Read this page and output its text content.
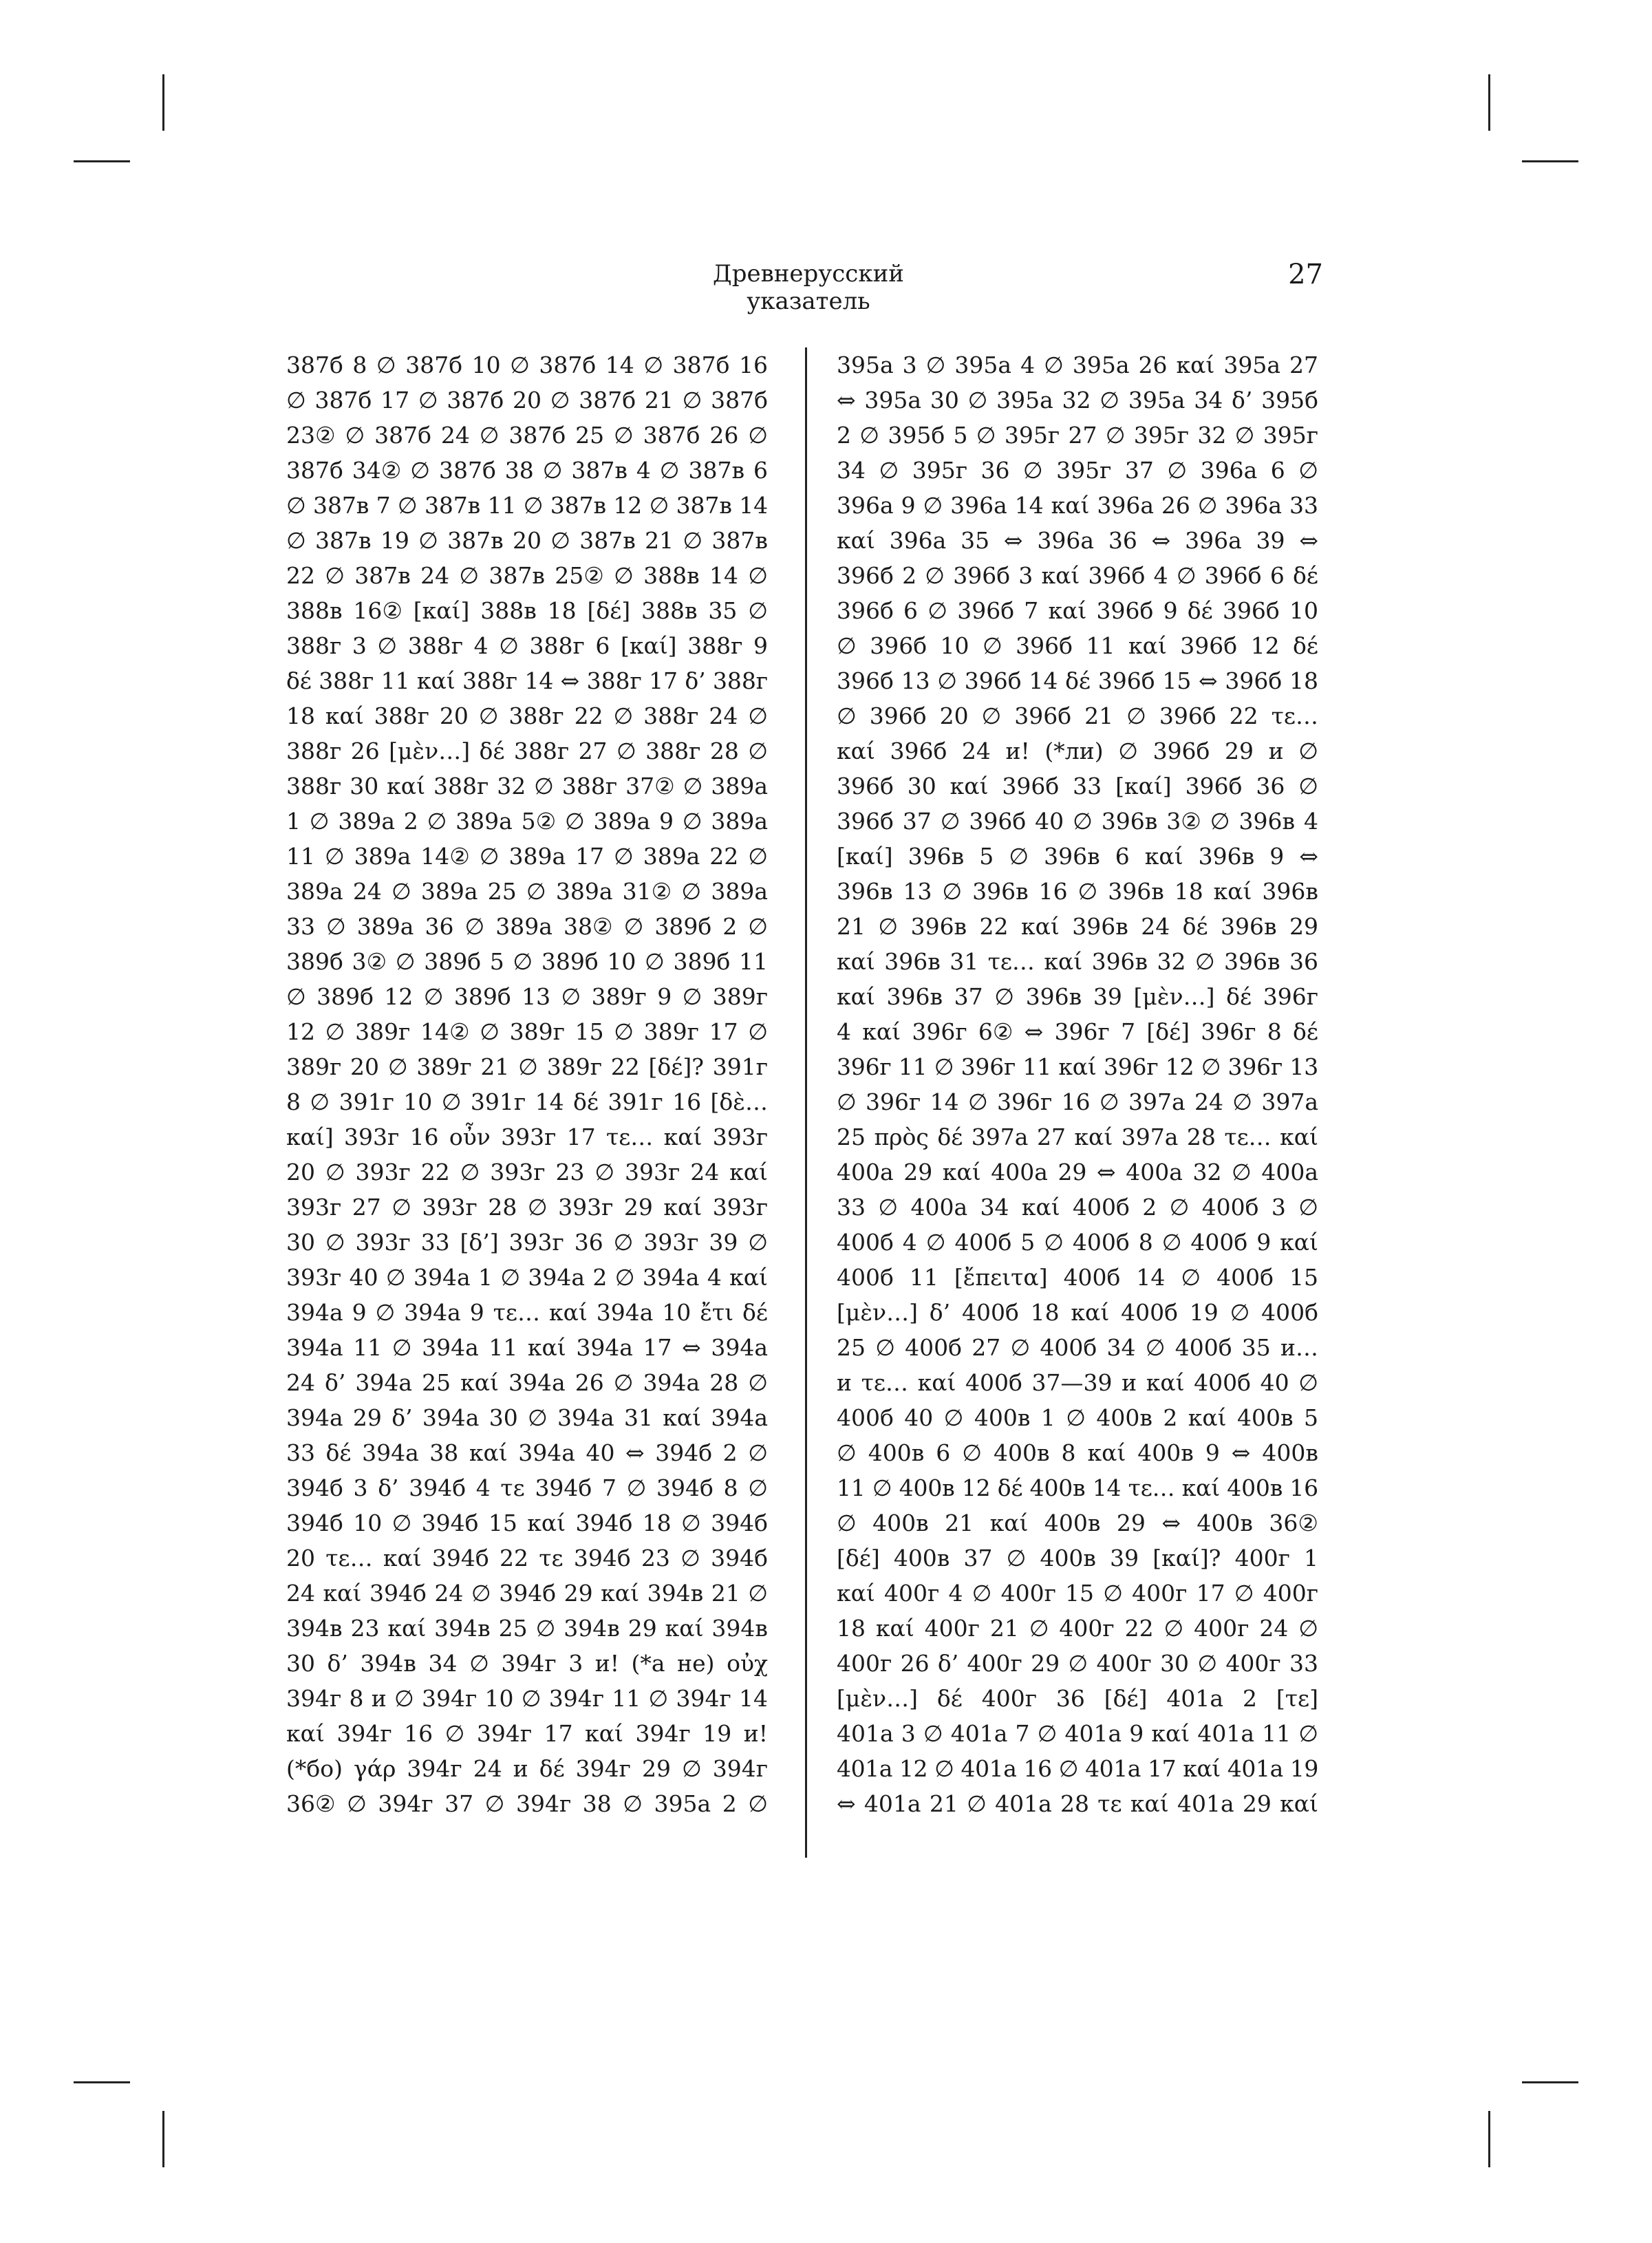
Древнерусский указатель
27
387б 8 ∅ 387б 10 ∅ 387б 14 ∅ 387б 16
∅ 387б 17 ∅ 387б 20 ∅ 387б 21 ∅ 387б
23② ∅ 387б 24 ∅ 387б 25 ∅ 387б 26 ∅
387б 34② ∅ 387б 38 ∅ 387в 4 ∅ 387в 6
∅ 387в 7 ∅ 387в 11 ∅ 387в 12 ∅ 387в 14
∅ 387в 19 ∅ 387в 20 ∅ 387в 21 ∅ 387в
22 ∅ 387в 24 ∅ 387в 25② ∅ 388в 14 ∅
388в 16② [καί] 388в 18 [δέ] 388в 35 ∅
388г 3 ∅ 388г 4 ∅ 388г 6 [καί] 388г 9
δέ 388г 11 καί 388г 14 ⇔ 388г 17 δ’ 388г
18 καί 388г 20 ∅ 388г 22 ∅ 388г 24 ∅
388г 26 [μὲν…] δέ 388г 27 ∅ 388г 28 ∅
388г 30 καί 388г 32 ∅ 388г 37② ∅ 389а
1 ∅ 389а 2 ∅ 389а 5② ∅ 389а 9 ∅ 389а
11 ∅ 389а 14② ∅ 389а 17 ∅ 389а 22 ∅
389а 24 ∅ 389а 25 ∅ 389а 31② ∅ 389а
33 ∅ 389а 36 ∅ 389а 38② ∅ 389б 2 ∅
389б 3② ∅ 389б 5 ∅ 389б 10 ∅ 389б 11
∅ 389б 12 ∅ 389б 13 ∅ 389г 9 ∅ 389г
12 ∅ 389г 14② ∅ 389г 15 ∅ 389г 17 ∅
389г 20 ∅ 389г 21 ∅ 389г 22 [δέ]? 391г
8 ∅ 391г 10 ∅ 391г 14 δέ 391г 16 [δὲ…
καί] 393г 16 οὖν 393г 17 τε… καί 393г
20 ∅ 393г 22 ∅ 393г 23 ∅ 393г 24 καί
393г 27 ∅ 393г 28 ∅ 393г 29 καί 393г
30 ∅ 393г 33 [δ’] 393г 36 ∅ 393г 39 ∅
393г 40 ∅ 394а 1 ∅ 394а 2 ∅ 394а 4 καί
394а 9 ∅ 394а 9 τε… καί 394а 10 ἔτι δέ
394а 11 ∅ 394а 11 καί 394а 17 ⇔ 394а
24 δ’ 394а 25 καί 394а 26 ∅ 394а 28 ∅
394а 29 δ’ 394а 30 ∅ 394а 31 καί 394а
33 δέ 394а 38 καί 394а 40 ⇔ 394б 2 ∅
394б 3 δ’ 394б 4 τε 394б 7 ∅ 394б 8 ∅
394б 10 ∅ 394б 15 καί 394б 18 ∅ 394б
20 τε… καί 394б 22 τε 394б 23 ∅ 394б
24 καί 394б 24 ∅ 394б 29 καί 394в 21 ∅
394в 23 καί 394в 25 ∅ 394в 29 καί 394в
30 δ’ 394в 34 ∅ 394г 3 и! (*а не) οὐχ
394г 8 и ∅ 394г 10 ∅ 394г 11 ∅ 394г 14
καί 394г 16 ∅ 394г 17 καί 394г 19 и!
(*бо) γάρ 394г 24 и δέ 394г 29 ∅ 394г
36② ∅ 394г 37 ∅ 394г 38 ∅ 395а 2 ∅
395а 3 ∅ 395а 4 ∅ 395а 26 καί 395а 27
⇔ 395а 30 ∅ 395а 32 ∅ 395а 34 δ’ 395б
2 ∅ 395б 5 ∅ 395г 27 ∅ 395г 32 ∅ 395г
34 ∅ 395г 36 ∅ 395г 37 ∅ 396а 6 ∅
396а 9 ∅ 396а 14 καί 396а 26 ∅ 396а 33
καί 396а 35 ⇔ 396а 36 ⇔ 396а 39 ⇔
396б 2 ∅ 396б 3 καί 396б 4 ∅ 396б 6 δέ
396б 6 ∅ 396б 7 καί 396б 9 δέ 396б 10
∅ 396б 10 ∅ 396б 11 καί 396б 12 δέ
396б 13 ∅ 396б 14 δέ 396б 15 ⇔ 396б 18
∅ 396б 20 ∅ 396б 21 ∅ 396б 22 τε…
καί 396б 24 и! (*ли) ∅ 396б 29 и ∅
396б 30 καί 396б 33 [καί] 396б 36 ∅
396б 37 ∅ 396б 40 ∅ 396в 3② ∅ 396в 4
[καί] 396в 5 ∅ 396в 6 καί 396в 9 ⇔
396в 13 ∅ 396в 16 ∅ 396в 18 καί 396в
21 ∅ 396в 22 καί 396в 24 δέ 396в 29
καί 396в 31 τε… καί 396в 32 ∅ 396в 36
καί 396в 37 ∅ 396в 39 [μὲν…] δέ 396г
4 καί 396г 6② ⇔ 396г 7 [δέ] 396г 8 δέ
396г 11 ∅ 396г 11 καί 396г 12 ∅ 396г 13
∅ 396г 14 ∅ 396г 16 ∅ 397а 24 ∅ 397а
25 πρὸς δέ 397а 27 καί 397а 28 τε… καί
400а 29 καί 400а 29 ⇔ 400а 32 ∅ 400а
33 ∅ 400а 34 καί 400б 2 ∅ 400б 3 ∅
400б 4 ∅ 400б 5 ∅ 400б 8 ∅ 400б 9 καί
400б 11 [ἔπειτα] 400б 14 ∅ 400б 15
[μὲν…] δ’ 400б 18 καί 400б 19 ∅ 400б
25 ∅ 400б 27 ∅ 400б 34 ∅ 400б 35 и…
и τε… καί 400б 37—39 и καί 400б 40 ∅
400б 40 ∅ 400в 1 ∅ 400в 2 καί 400в 5
∅ 400в 6 ∅ 400в 8 καί 400в 9 ⇔ 400в
11 ∅ 400в 12 δέ 400в 14 τε… καί 400в 16
∅ 400в 21 καί 400в 29 ⇔ 400в 36②
[δέ] 400в 37 ∅ 400в 39 [καί]? 400г 1
καί 400г 4 ∅ 400г 15 ∅ 400г 17 ∅ 400г
18 καί 400г 21 ∅ 400г 22 ∅ 400г 24 ∅
400г 26 δ’ 400г 29 ∅ 400г 30 ∅ 400г 33
[μὲν…] δέ 400г 36 [δέ] 401а 2 [τε]
401а 3 ∅ 401а 7 ∅ 401а 9 καί 401а 11 ∅
401а 12 ∅ 401а 16 ∅ 401а 17 καί 401а 19
⇔ 401а 21 ∅ 401а 28 τε καί 401а 29 καί
